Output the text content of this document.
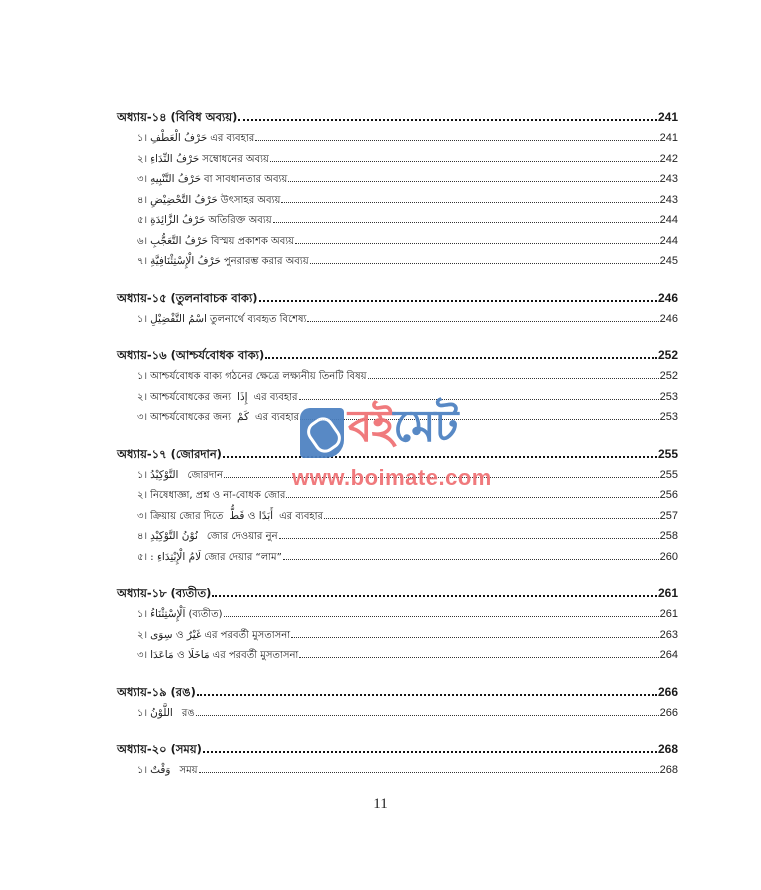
অধ্যায়-১৪ (বিবিধ অব্যয়)	241
১। حَرْفُ الْعَطْفِ এর ব্যবহার	241
২। حَرْفُ النِّدَاءِ সম্বোধনের অব্যয়	242
৩। حَرْفُ التَّنْبِيهِ বা সাবধানতার অব্যয়	243
৪। حَرْفُ التَّحْضِيْضِ উৎসাহর অব্যয়	243
৫। حَرْفُ الزَّائِدَةِ অতিরিক্ত অব্যয়	244
৬। حَرْفُ التَّعَجُّبِ বিস্ময় প্রকাশক অব্যয়	244
৭। حَرْفُ الْإِسْتِئْنَافِيَّةِ পুনরারম্ভ করার অব্যয়	245
অধ্যায়-১৫ (তুলনাবাচক বাক্য)	246
১। اسْمُ التَّفْضِيْلِ তুলনার্থে ব্যবহৃত বিশেষ্য	246
অধ্যায়-১৬ (আশ্চর্যবোধক বাক্য)	252
১। আশ্চর্যবোধক বাক্য গঠনের ক্ষেত্রে লক্ষ্যনীয় তিনটি বিষয়	252
২। আশ্চর্যবোধকের জন্য إِذَا এর ব্যবহার	253
৩। আশ্চর্যবোধকের জন্য كَمْ এর ব্যবহার	253
অধ্যায়-১৭ (জোরদান)	255
১। التَّوْكِيْدُ জোরদান	255
২। নিষেধাজ্ঞা, প্রশ্ন ও না-বোধক জোর	256
৩। ক্রিয়ায় জোর দিতে أَبَدًا ও قَطُّ এর ব্যবহার	257
৪। نُوْنُ التَّوْكِيْدِ জোর দেওয়ার নুন	258
৫। لَامُ الْإِبْتِدَاءِ : জোর দেয়ার “লাম”	260
অধ্যায়-১৮ (ব্যতীত)	261
১। اَلْإِسْتِثْنَاءُ (ব্যতীত)	261
২। غَيْرٌ ও سِوَى এর পরবর্তী মুসতাসনা	263
৩। مَاخَلَا ও مَاعَدَا এর পরবর্তী মুসতাসনা	264
অধ্যায়-১৯ (রঙ)	266
১। اللَّوْنُ রঙ	266
অধ্যায়-২০ (সময়)	268
১। وَقْتٌ সময়	268
বইমেট
www.boimate.com
11
